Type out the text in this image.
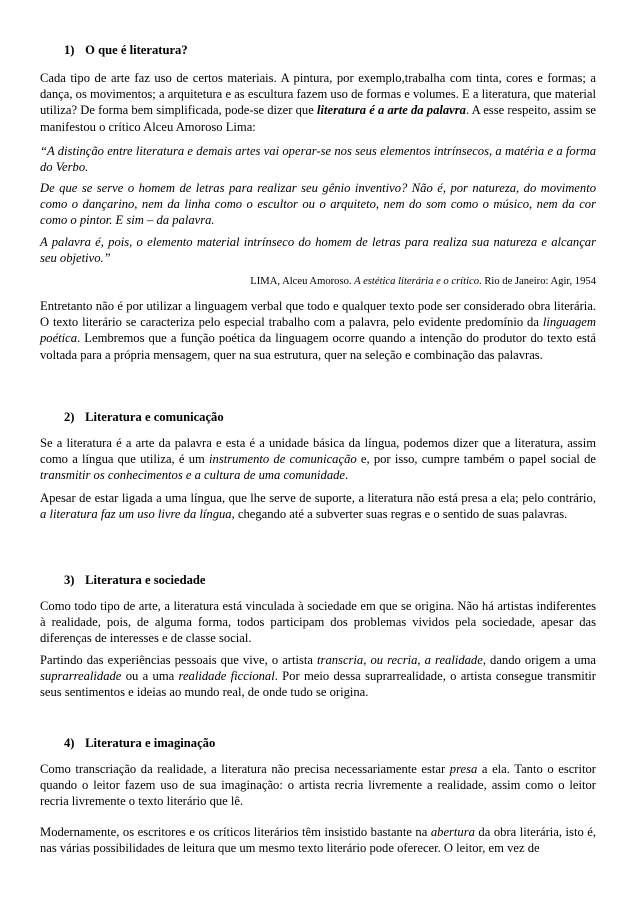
1) O que é literatura?

Cada tipo de arte faz uso de certos materiais. A pintura, por exemplo,trabalha com tinta, cores e formas; a dança, os movimentos; a arquitetura e as escultura fazem uso de formas e volumes. E a literatura, que material utiliza? De forma bem simplificada, pode-se dizer que literatura é a arte da palavra. A esse respeito, assim se manifestou o crítico Alceu Amoroso Lima:

“A distinção entre literatura e demais artes vai operar-se nos seus elementos intrínsecos, a matéria e a forma do Verbo.

De que se serve o homem de letras para realizar seu gênio inventivo? Não é, por natureza, do movimento como o dançarino, nem da linha como o escultor ou o arquiteto, nem do som como o músico, nem da cor como o pintor. E sim – da palavra.

A palavra é, pois, o elemento material intrínseco do homem de letras para realiza sua natureza e alcançar seu objetivo.”

LIMA, Alceu Amoroso. A estética literária e o crítico. Rio de Janeiro: Agir, 1954

Entretanto não é por utilizar a linguagem verbal que todo e qualquer texto pode ser considerado obra literária. O texto literário se caracteriza pelo especial trabalho com a palavra, pelo evidente predomínio da linguagem poética. Lembremos que a função poética da linguagem ocorre quando a intenção do produtor do texto está voltada para a própria mensagem, quer na sua estrutura, quer na seleção e combinação das palavras.

2) Literatura e comunicação

Se a literatura é a arte da palavra e esta é a unidade básica da língua, podemos dizer que a literatura, assim como a língua que utiliza, é um instrumento de comunicação e, por isso, cumpre também o papel social de transmitir os conhecimentos e a cultura de uma comunidade.

Apesar de estar ligada a uma língua, que lhe serve de suporte, a literatura não está presa a ela; pelo contrário, a literatura faz um uso livre da língua, chegando até a subverter suas regras e o sentido de suas palavras.

3) Literatura e sociedade

Como todo tipo de arte, a literatura está vinculada à sociedade em que se origina. Não há artistas indiferentes à realidade, pois, de alguma forma, todos participam dos problemas vividos pela sociedade, apesar das diferenças de interesses e de classe social.

Partindo das experiências pessoais que vive, o artista transcria, ou recria, a realidade, dando origem a uma suprarrealidade ou a uma realidade ficcional. Por meio dessa suprarrealidade, o artista consegue transmitir seus sentimentos e ideias ao mundo real, de onde tudo se origina.

4) Literatura e imaginação

Como transcriação da realidade, a literatura não precisa necessariamente estar presa a ela. Tanto o escritor quando o leitor fazem uso de sua imaginação: o artista recria livremente a realidade, assim como o leitor recria livremente o texto literário que lê.

Modernamente, os escritores e os críticos literários têm insistido bastante na abertura da obra literária, isto é, nas várias possibilidades de leitura que um mesmo texto literário pode oferecer. O leitor, em vez de
